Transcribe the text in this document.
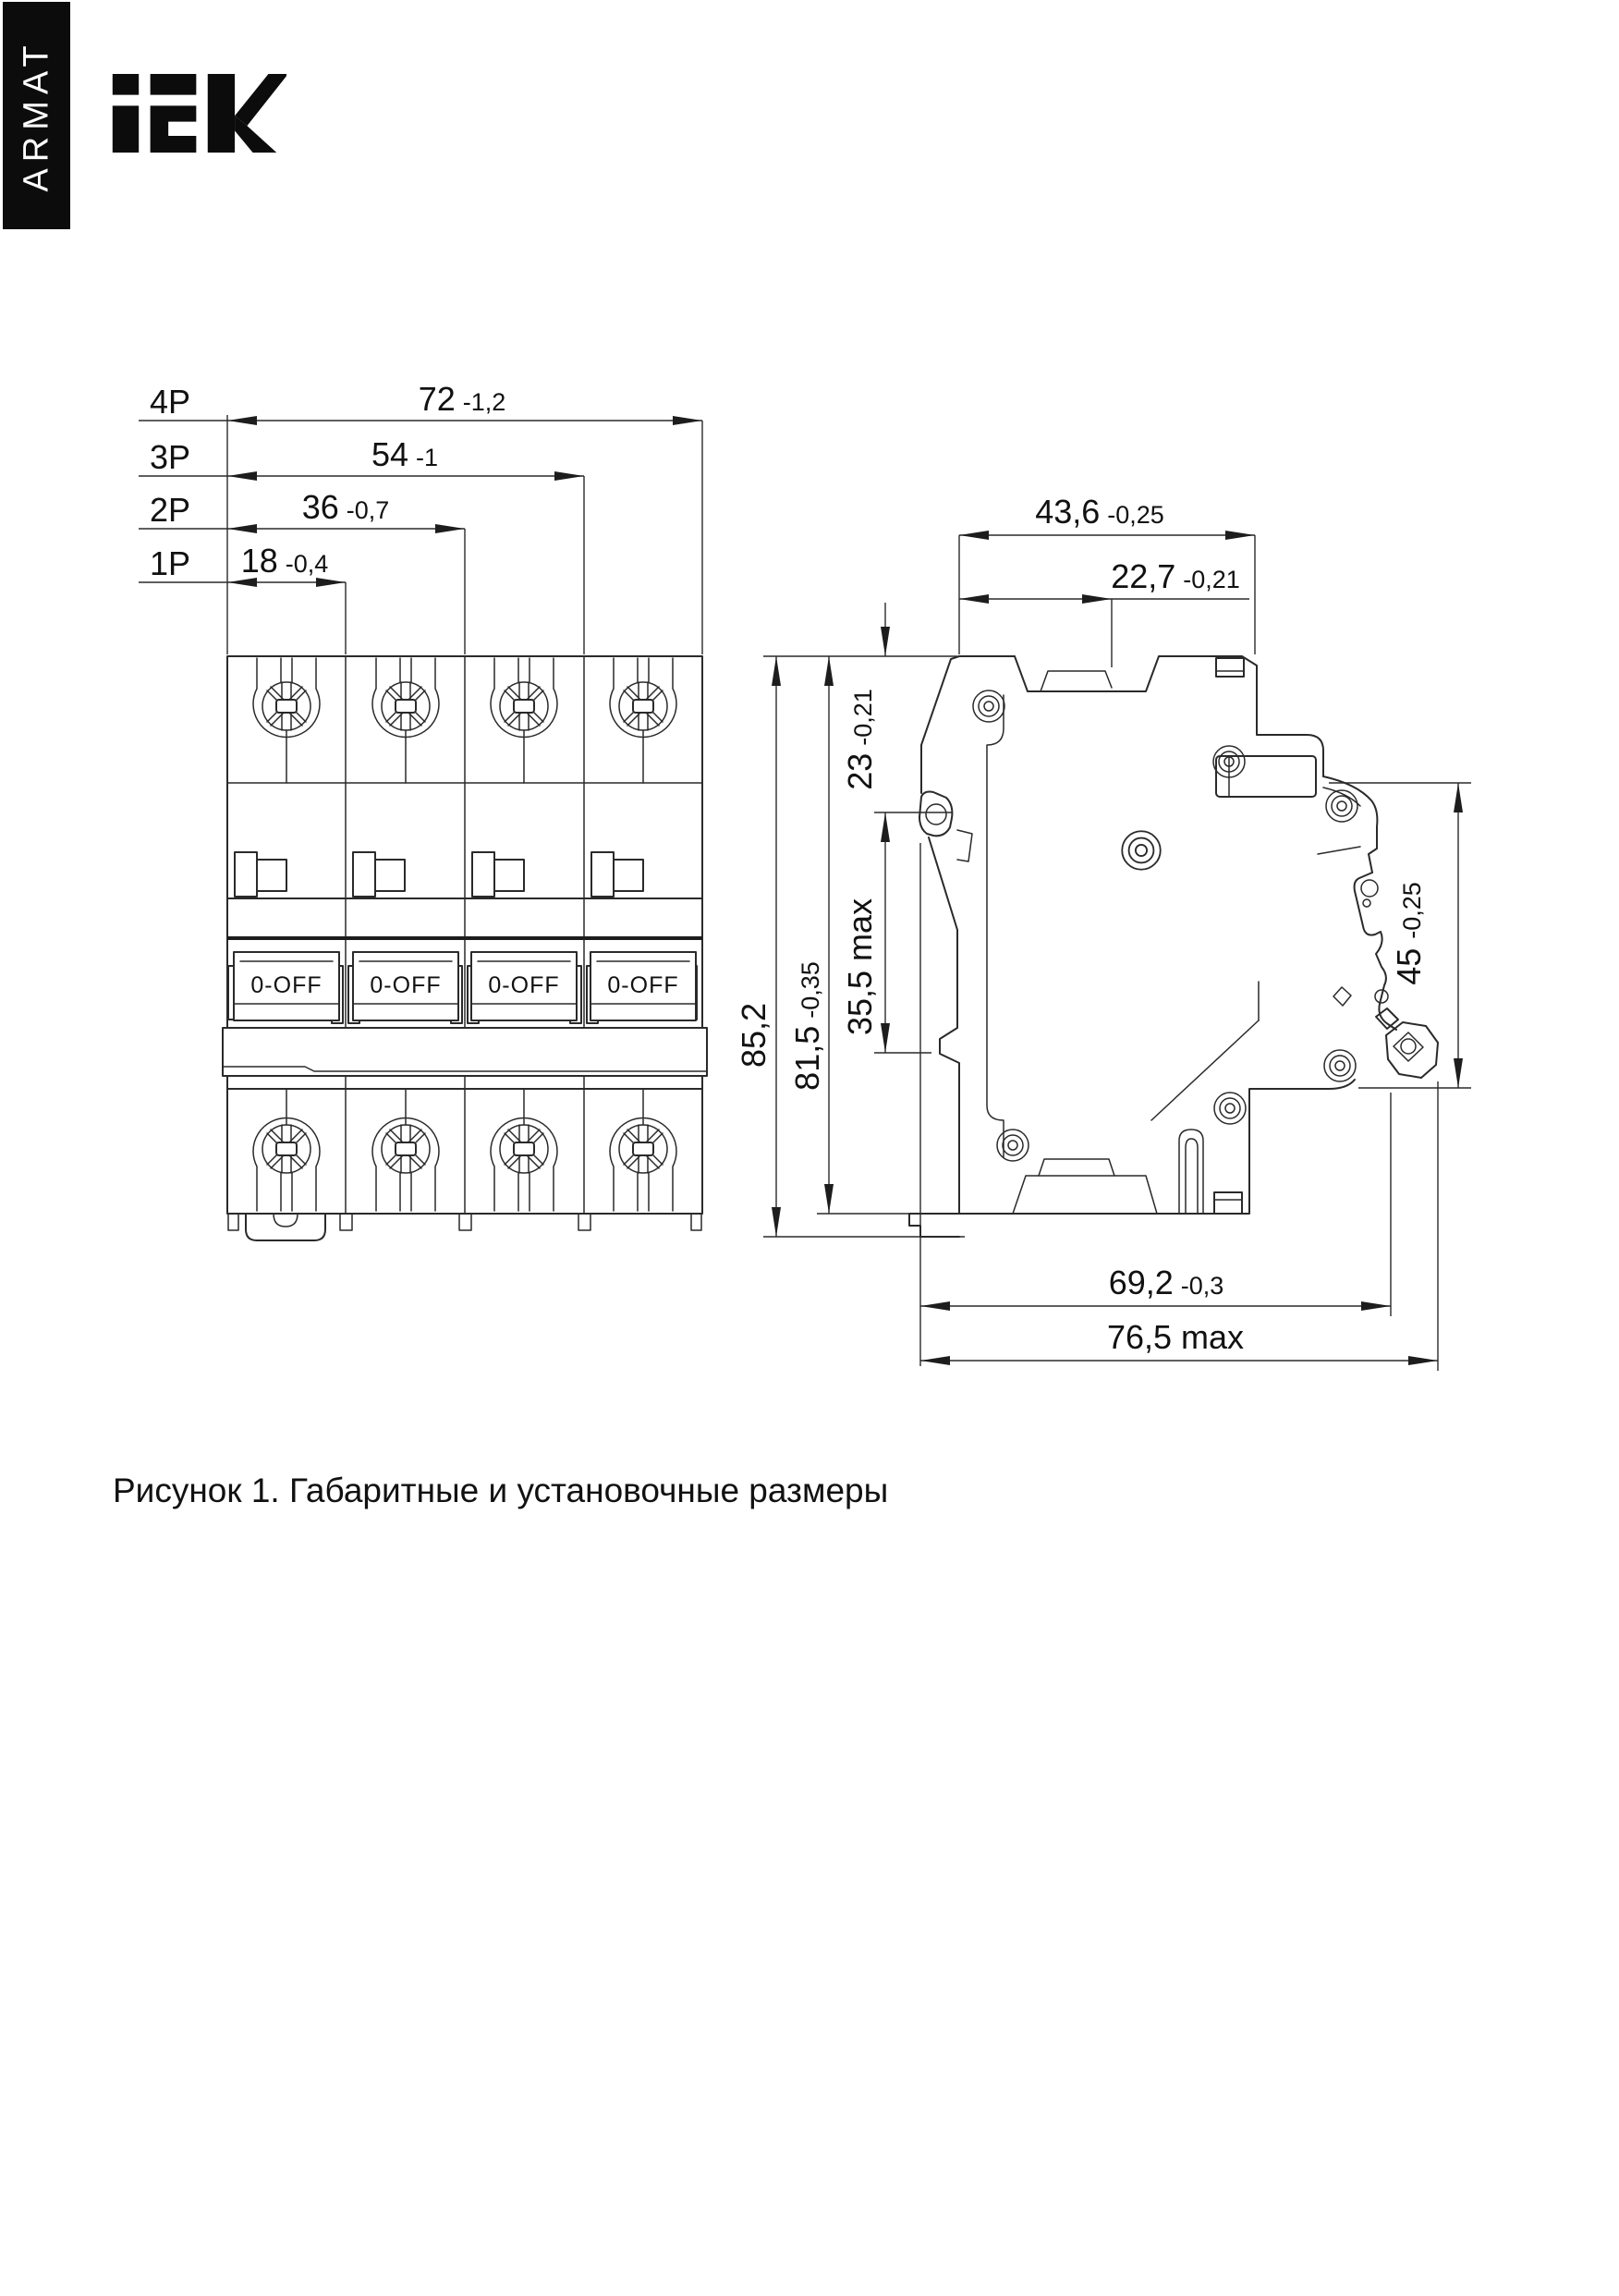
ARMAT
0-OFF 0-OFF 0-OFF 0-OFF
4P	72 -1,2
3P	54 -1
2P	36 -0,7
1P 18 -0,4
43,6 -0,25
22,7 -0,21
85,2 81,5-0,35
23-0,21
35,5 max	45-0,25
69,2 -0,3
76,5 max
Рисунок 1. Габаритные и установочные размеры
